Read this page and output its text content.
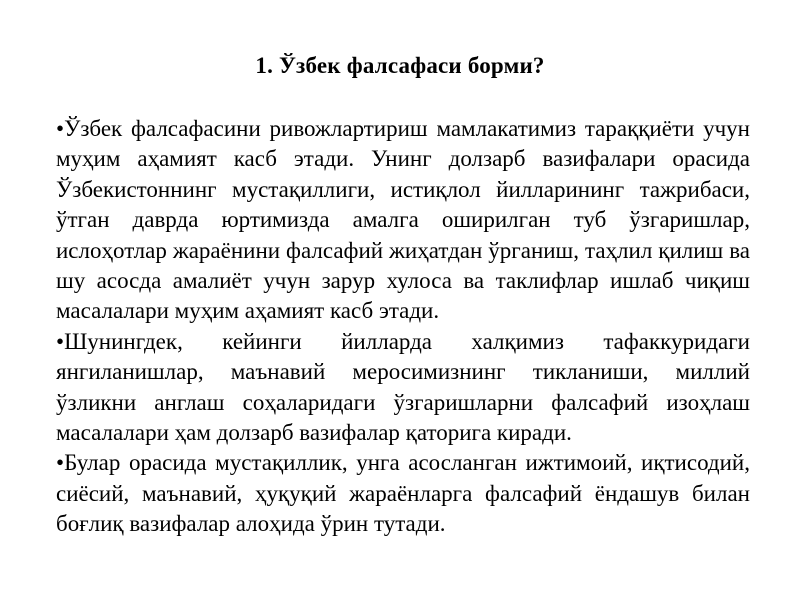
1. Ўзбек фалсафаси борми?

•Ўзбек фалсафасини ривожлартириш мамлакатимиз тараққиёти учун муҳим аҳамият касб этади. Унинг долзарб вазифалари орасида Ўзбекистоннинг мустақиллиги, истиқлол йилларининг тажрибаси, ўтган даврда юртимизда амалга оширилган туб ўзгаришлар, ислоҳотлар жараёнини фалсафий жиҳатдан ўрганиш, таҳлил қилиш ва шу асосда амалиёт учун зарур хулоса ва таклифлар ишлаб чиқиш масалалари муҳим аҳамият касб этади.

•Шунингдек, кейинги йилларда халқимиз тафаккуридаги янгиланишлар, маънавий меросимизнинг тикланиши, миллий ўзликни англаш соҳаларидаги ўзгаришларни фалсафий изоҳлаш масалалари ҳам долзарб вазифалар қаторига киради.

•Булар орасида мустақиллик, унга асосланган ижтимоий, иқтисодий, сиёсий, маънавий, ҳуқуқий жараёнларга фалсафий ёндашув билан боғлиқ вазифалар алоҳида ўрин тутади.
